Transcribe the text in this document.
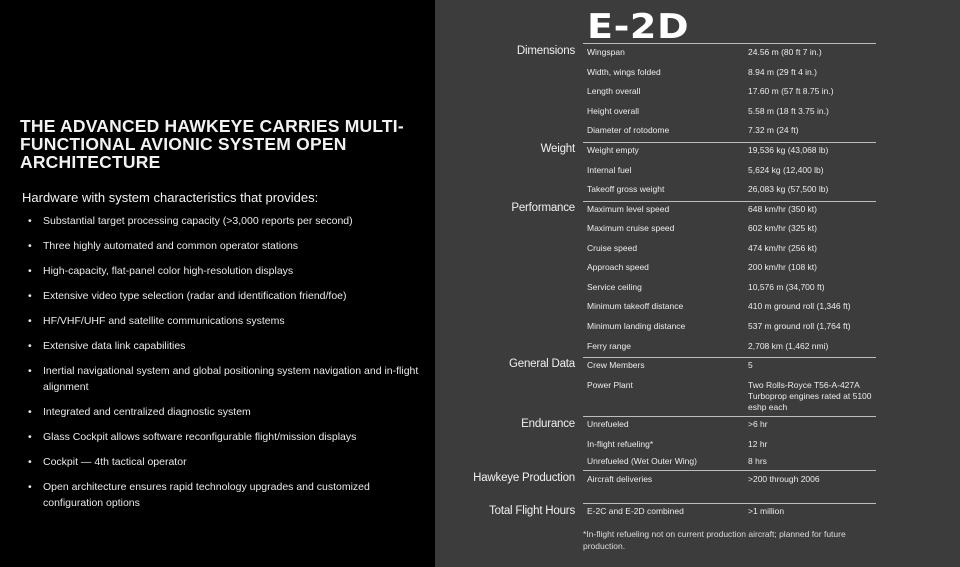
THE ADVANCED HAWKEYE CARRIES MULTI-FUNCTIONAL AVIONIC SYSTEM OPEN ARCHITECTURE

Hardware with system characteristics that provides:

• Substantial target processing capacity (>3,000 reports per second)
• Three highly automated and common operator stations
• High-capacity, flat-panel color high-resolution displays
• Extensive video type selection (radar and identification friend/foe)
• HF/VHF/UHF and satellite communications systems
• Extensive data link capabilities
• Inertial navigational system and global positioning system navigation and in-flight alignment
• Integrated and centralized diagnostic system
• Glass Cockpit allows software reconfigurable flight/mission displays
• Cockpit — 4th tactical operator
• Open architecture ensures rapid technology upgrades and customized configuration options
Dimensions Wingspan	24.56 m (80 ft 7 in.)
Width, wings folded	8.94 m (29 ft 4 in.)
Length overall	17.60 m (57 ft 8.75 in.)
Height overall	5.58 m (18 ft 3.75 in.)
Diameter of rotodome	7.32 m (24 ft)
Weight Weight empty	19,536 kg (43,068 lb)
Internal fuel	5,624 kg (12,400 lb)
Takeoff gross weight	26,083 kg (57,500 lb)
Performance Maximum level speed	648 km/hr (350 kt)
Maximum cruise speed	602 km/hr (325 kt)
Cruise speed	474 km/hr (256 kt)
Approach speed	200 km/hr (108 kt)
Service ceiling	10,576 m (34,700 ft)
Minimum takeoff distance	410 m ground roll (1,346 ft)
Minimum landing distance	537 m ground roll (1,764 ft)
Ferry range	2,708 km (1,462 nmi)
General Data Crew Members	5
Power Plant	Two Rolls-Royce T56-A-427A Turboprop engines rated at 5100 eshp each
Endurance Unrefueled	>6 hr
In-flight refueling*	12 hr
Unrefueled (Wet Outer Wing)	8 hrs
Hawkeye Production Aircraft deliveries	>200 through 2006
Total Flight Hours E-2C and E-2D combined	>1 million
E-2D

*In-flight refueling not on current production aircraft; planned for future production.
